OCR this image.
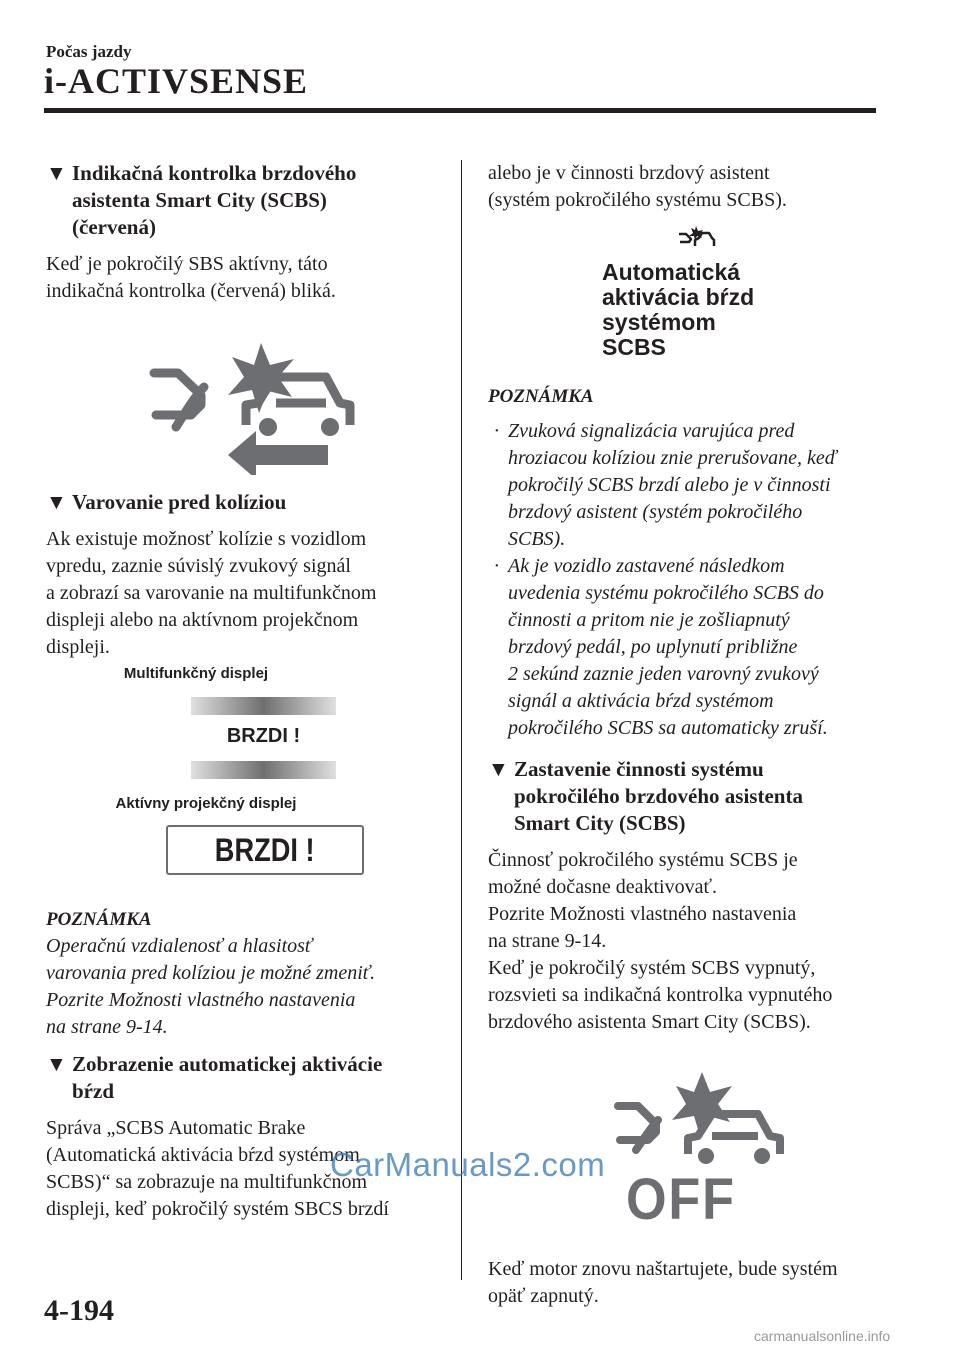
Počas jazdy
i-ACTIVSENSE
▼ Indikačná kontrolka brzdového
asistenta Smart City (SCBS)
(červená)
Keď je pokročilý SBS aktívny, táto
indikačná kontrolka (červená) bliká.
▼ Varovanie pred kolíziou
Ak existuje možnosť kolízie s vozidlom
vpredu, zaznie súvislý zvukový signál
a zobrazí sa varovanie na multifunkčnom
displeji alebo na aktívnom projekčnom
displeji.
Multifunkčný displej
BRZDI !
Aktívny projekčný displej
BRZDI !
POZNÁMKA
Operačnú vzdialenosť a hlasitosť
varovania pred kolíziou je možné zmeniť.
Pozrite Možnosti vlastného nastavenia
na strane 9-14.
▼ Zobrazenie automatickej aktivácie
bŕzd
Správa „SCBS Automatic Brake
(Automatická aktivácia bŕzd systémom
SCBS)“ sa zobrazuje na multifunkčnom
displeji, keď pokročilý systém SBCS brzdí
alebo je v činnosti brzdový asistent
(systém pokročilého systému SCBS).
Automatická
aktivácia bŕzd
systémom
SCBS
POZNÁMKA
· Zvuková signalizácia varujúca pred
hroziacou kolíziou znie prerušovane, keď
pokročilý SCBS brzdí alebo je v činnosti
brzdový asistent (systém pokročilého
SCBS).
· Ak je vozidlo zastavené následkom
uvedenia systému pokročilého SCBS do
činnosti a pritom nie je zošliapnutý
brzdový pedál, po uplynutí približne
2 sekúnd zaznie jeden varovný zvukový
signál a aktivácia bŕzd systémom
pokročilého SCBS sa automaticky zruší.
▼ Zastavenie činnosti systému
pokročilého brzdového asistenta
Smart City (SCBS)
Činnosť pokročilého systému SCBS je
možné dočasne deaktivovať.
Pozrite Možnosti vlastného nastavenia
na strane 9-14.
Keď je pokročilý systém SCBS vypnutý,
rozsvieti sa indikačná kontrolka vypnutého
brzdového asistenta Smart City (SCBS).
OFF
Keď motor znovu naštartujete, bude systém
opäť zapnutý.
4-194
CarManuals2.com
carmanualsonline.info
